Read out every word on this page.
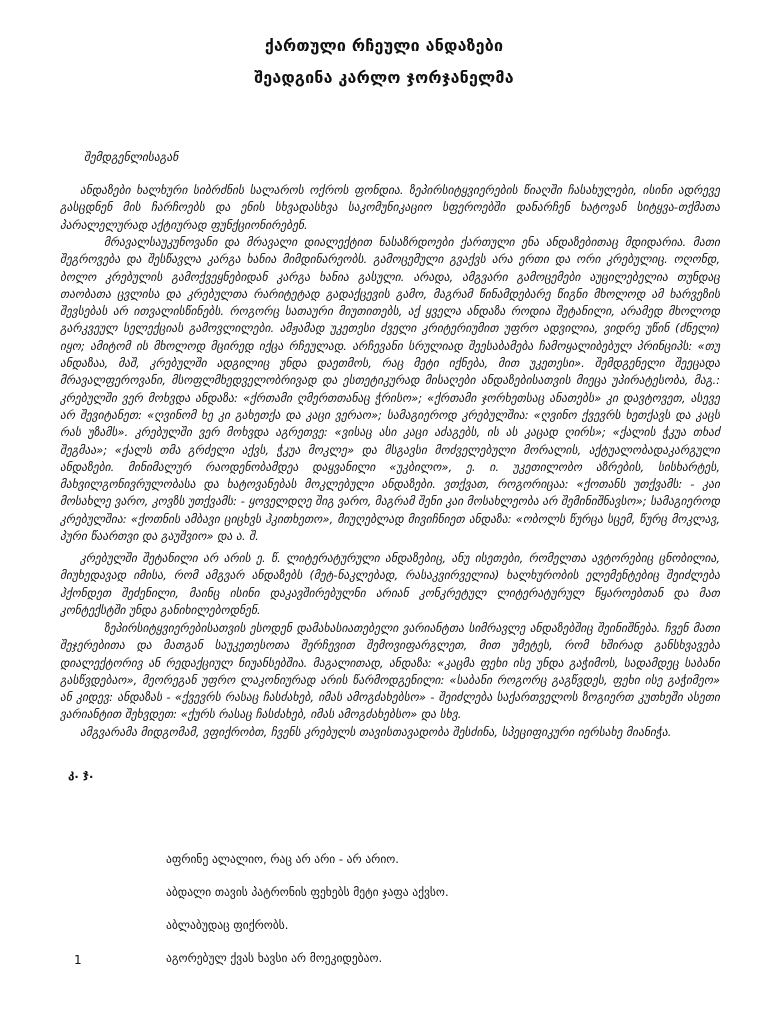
ქართული რჩეული ანდაზები
შეადგინა კარლო ჯორჯანელმა
შემდგენლისაგან

ანდაზები ხალხური სიბრძნის სალაროს ოქროს ფონდია. ზეპირსიტყვიერების წიაღში ჩასახულები, ისინი ადრევე გასცდნენ მის ჩარჩოებს და ენის სხვადასხვა საკომუნიკაციო სფეროებში დანარჩენ ხატოვან სიტყვა-თქმათა პარალელურად აქტიურად ფუნქციონირებენ.

მრავალსაუკუნოვანი და მრავალი დიალექტით ნასაზრდოები ქართული ენა ანდაზებითაც მდიდარია. მათი შეგროვება და შესწავლა კარგა ხანია მიმდინარეობს. გამოცემული გვაქვს არა ერთი და ორი კრებულიც. ოღონდ, ბოლო კრებულის გამოქვეყნებიდან კარგა ხანია გასული. არადა, ამგვარი გამოცემები აუცილებელია თუნდაც თაობათა ცვლისა და კრებულთა რარიტეტად გადაქცევის გამო, მაგრამ წინამდებარე წიგნი მხოლოდ ამ ხარვეზის შევსებას არ ითვალისწინებს. როგორც სათაური მიუთითებს, აქ ყველა ანდაზა როდია შეტანილი, არამედ მხოლოდ გარკვეულ სელექციას გამოვლილები. ამჟამად უკეთესი ძველი კრიტერიუმით უფრო ადვილია, ვიდრე უწინ (ძნელი) იყო; ამიტომ ის მხოლოდ მცირედ იქცა რჩეულად. არჩევანი სრულიად შეესაბამება ჩამოყალიბებულ პრინციპს: «თუ ანდაზაა, მაშ, კრებულში ადგილიც უნდა დაეთმოს, რაც მეტი იქნება, მით უკეთესი». შემდგენელი შეეცადა მრავალფეროვანი, მსოფლმხედველობრივად და ესთეტიკურად მისაღები ანდაზებისათვის მიეცა უპირატესობა, მაგ.: კრებულში ვერ მოხვდა ანდაზა: «ქრთამი ღმერთთანაც ჭრისო»; «ქრთამი ჯორხეთსაც ანათებს» კი დავტოვეთ, ასევე არ შევიტანეთ: «ღვინომ ხე კი გახეთქა და კაცი ვერაო»; სამაგიეროდ კრებულშია: «ღვინო ქვევრს ხეთქავს და კაცს რას უზამს». კრებულში ვერ მოხვდა აგრეთვე: «ვისაც ასი კაცი აძაგებს, ის ას კაცად ღირს»; «ქალის ჭკუა თხაძ შეგმაა»; «ქალს თმა გრძელი აქვს, ჭკუა მოკლე» და მსგავსი მოძველებული მორალის, აქტუალობადაკარგული ანდაზები. მინიმალურ რაოდენობამდეა დაყვანილი «უკბილო», ე. ი. უკეთილობო აზრების, სისხარტეს, მახვილგონივრულობასა და ხატოვანებას მოკლებული ანდაზები. ვთქვათ, როგორიცაა: «ქოთანს უთქვამს: - კაი მოსახლე ვარო, კოვზს უთქვამს: - ყოველდღე შიგ ვარო, მაგრამ შენი კაი მოსახლეობა არ შემინიშნავსო»; სამაგიეროდ კრებულშია: «ქოთნის ამბავი ციცხვს ჰკითხეთო», მიუღებლად მივიჩნიეთ ანდაზა: «ობოლს წურცა სცემ, წურც მოკლავ, პური წაართვი და გაუშვიო» და ა. შ.

კრებულში შეტანილი არ არის ე. წ. ლიტერატურული ანდაზებიც, ანუ ისეთები, რომელთა ავტორებიც ცნობილია, მიუხედავად იმისა, რომ ამგვარ ანდაზებს (მეტ-ნაკლებად, რასაკვირველია) ხალხურობის ელემენტებიც შეიძლება ჰქონდეთ შეძენილი, მაინც ისინი დაკავშირებულნი არიან კონკრეტულ ლიტერატურულ წყაროებთან და მათ კონტექსტში უნდა განიხილებოდნენ.

ზეპირსიტყვიერებისათვის ესოდენ დამახასიათებელი ვარიანტთა სიმრავლე ანდაზებშიც შეინიშნება. ჩვენ მათი შეჯერებითა და მათგან საუკეთესოთა შერჩევით შემოვიფარგლეთ, მით უმეტეს, რომ ხშირად განსხვავება დიალექტორივ ან რედაქციულ ნიუანსებშია. მაგალითად, ანდაზა: «კაცმა ფეხი ისე უნდა გაჭიმოს, სადამდეც საბანი გასწვდებაო», მეორეგან უფრო ლაკონიურად არის წარმოდგენილი: «საბანი როგორც გაგწვდეს, ფეხი ისე გაჭიმეო» ან კიდევ: ანდაზას - «ქვევრს რასაც ჩასძახებ, იმას ამოგძახებსო» - შეიძლება საქართველოს ზოგიერთ კუთხეში ასეთი ვარიანტით შეხვდეთ: «ქურს რასაც ჩასძახებ, იმას ამოგძახებსო» და სხვ.

ამგვარამა მიდგომამ, ვფიქრობთ, ჩვენს კრებულს თავისთავადობა შესძინა, სპეციფიკური იერსახე მიანიჭა.

კ. ჯ.
აფრინე ალალიო, რაც არ არი - არ არიო.
აბდალი თავის პატრონის ფეხებს მეტი ჯაფა აქვსო.
აბლაბუდაც ფიქრობს.
აგორებულ ქვას ხავსი არ მოეკიდებაო.
1
